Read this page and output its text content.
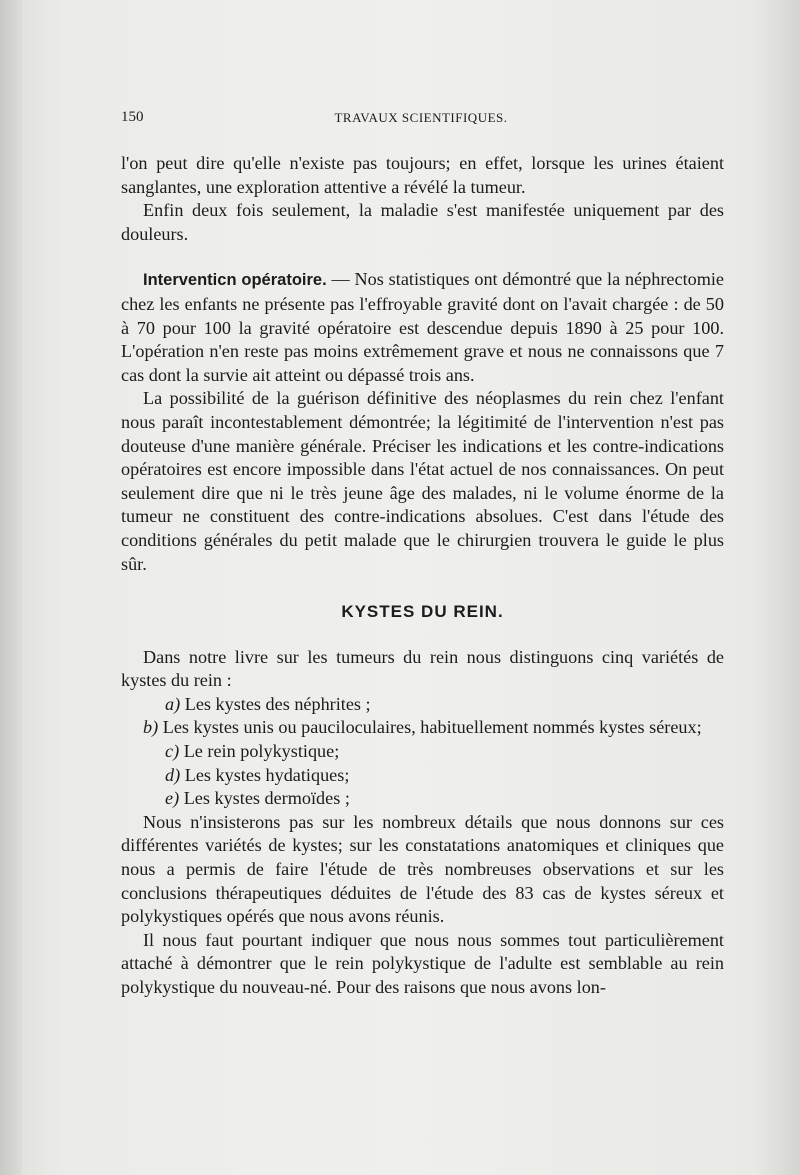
150	TRAVAUX SCIENTIFIQUES.

l'on peut dire qu'elle n'existe pas toujours; en effet, lorsque les urines étaient sanglantes, une exploration attentive a révélé la tumeur.

Enfin deux fois seulement, la maladie s'est manifestée uniquement par des douleurs.

Interventicn opératoire. — Nos statistiques ont démontré que la néphrectomie chez les enfants ne présente pas l'effroyable gravité dont on l'avait chargée : de 50 à 70 pour 100 la gravité opératoire est descendue depuis 1890 à 25 pour 100. L'opération n'en reste pas moins extrêmement grave et nous ne connaissons que 7 cas dont la survie ait atteint ou dépassé trois ans.

La possibilité de la guérison définitive des néoplasmes du rein chez l'enfant nous paraît incontestablement démontrée; la légitimité de l'intervention n'est pas douteuse d'une manière générale. Préciser les indications et les contre-indications opératoires est encore impossible dans l'état actuel de nos connaissances. On peut seulement dire que ni le très jeune âge des malades, ni le volume énorme de la tumeur ne constituent des contre-indications absolues. C'est dans l'étude des conditions générales du petit malade que le chirurgien trouvera le guide le plus sûr.

KYSTES DU REIN.

Dans notre livre sur les tumeurs du rein nous distinguons cinq variétés de kystes du rein :

a) Les kystes des néphrites ;

b) Les kystes unis ou pauciloculaires, habituellement nommés kystes séreux;

c) Le rein polykystique;

d) Les kystes hydatiques;

e) Les kystes dermoïdes ;

Nous n'insisterons pas sur les nombreux détails que nous donnons sur ces différentes variétés de kystes; sur les constatations anatomiques et cliniques que nous a permis de faire l'étude de très nombreuses observations et sur les conclusions thérapeutiques déduites de l'étude des 83 cas de kystes séreux et polykystiques opérés que nous avons réunis.

Il nous faut pourtant indiquer que nous nous sommes tout particulièrement attaché à démontrer que le rein polykystique de l'adulte est semblable au rein polykystique du nouveau-né. Pour des raisons que nous avons lon-
